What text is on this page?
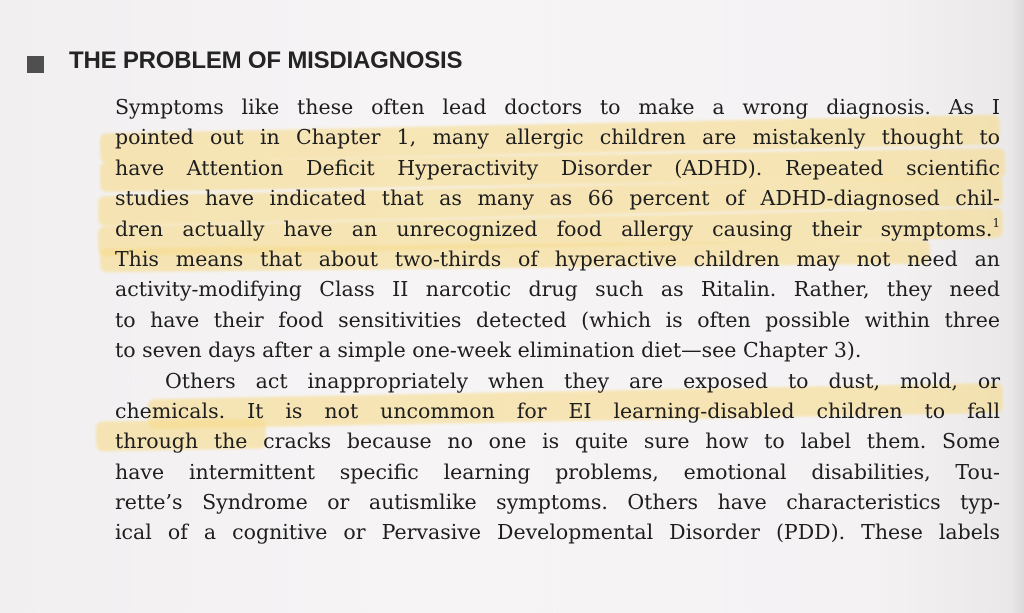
THE PROBLEM OF MISDIAGNOSIS
Symptoms like these often lead doctors to make a wrong diagnosis. As I
pointed out in Chapter 1, many allergic children are mistakenly thought to
have Attention Deficit Hyperactivity Disorder (ADHD). Repeated scientific
studies have indicated that as many as 66 percent of ADHD-diagnosed chil-
dren actually have an unrecognized food allergy causing their symptoms.$^1$
This means that about two-thirds of hyperactive children may not need an
activity-modifying Class II narcotic drug such as Ritalin. Rather, they need
to have their food sensitivities detected (which is often possible within three
to seven days after a simple one-week elimination diet—see Chapter 3).
Others act inappropriately when they are exposed to dust, mold, or
chemicals. It is not uncommon for EI learning-disabled children to fall
through the cracks because no one is quite sure how to label them. Some
have intermittent specific learning problems, emotional disabilities, Tou-
rette’s Syndrome or autismlike symptoms. Others have characteristics typ-
ical of a cognitive or Pervasive Developmental Disorder (PDD). These labels
